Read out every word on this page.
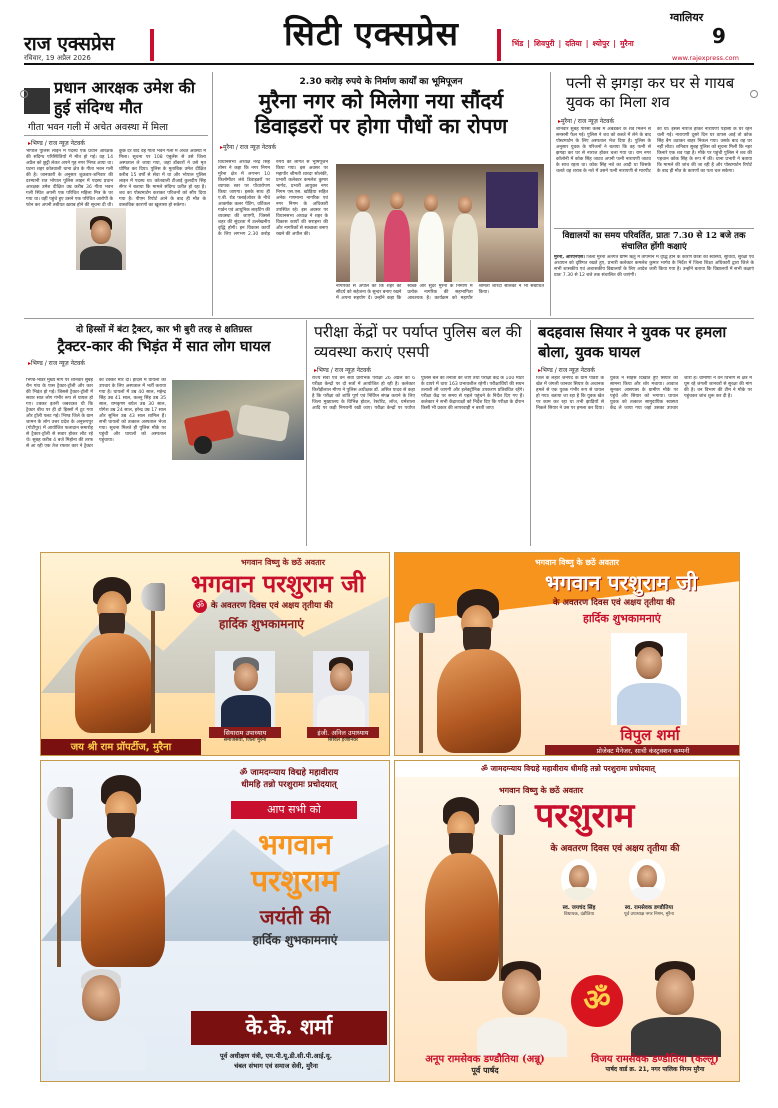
राज एक्सप्रेस
रविवार, 19 अप्रैल 2026
सिटी एक्सप्रेस	ग्वालियर
9
भिंड | शिवपुरी | दतिया | श्योपुर | मुरैना
www.rajexpress.com
प्रधान आरक्षक उमेश की हुई संदिग्ध मौत
गीता भवन गली में अचेत अवस्था में मिला
▸ भिण्ड / राज न्यूज़ नेटवर्क
भोपाल पुलिस लाइन में पदस्थ एक प्रधान आरक्षक की संदिग्ध परिस्थितियों में मौत हो गई। वह 14 अप्रैल को छुट्टी लेकर अपने गृह नगर भिण्ड आया था। घटना शहर कोतवाली थाना क्षेत्र के गीता भवन गली की है। जानकारी के अनुसार शुक्रवार-शनिवार की दरम्यानी रात भोपाल पुलिस लाइन में पदस्थ प्रधान आरक्षक उमेश दीक्षित उम्र करीब 36 गीता भवन गली स्थित अपनी एक परिचित महिला मित्र के घर गया था। वहीं पहुंचे हुए उसने एक परिचित आरोपी के फोन कर अपनी तबीयत खराब होने की सूचना दी थी। कुछ देर बाद वह गीता भवन गली में अचेत अवस्था में मिला। सूचना पर 108 एंबुलेंस से उसे जिला अस्पताल ले जाया गया, जहां डॉक्टरों ने उसे मृत घोषित कर दिया। पुलिस के मुताबिक उमेश दीक्षित करीब 15 वर्षों से सेवा में था और भोपाल पुलिस लाइन में पदस्थ था। कोतवाली टीआई कुलदीप सिंह सेंगर ने बताया कि मामले संदिग्ध प्रतीत हो रहा है। शव का पोस्टमार्टम कराकर परिजनों को सौंप दिया गया है। पीएम रिपोर्ट आने के बाद ही मौत के वास्तविक कारणों का खुलासा हो सकेगा।
2.30 करोड़ रुपये के निर्माण कार्यों का भूमिपूजन
मुरैना नगर को मिलेगा नया सौंदर्य
डिवाइडरों पर होगा पौधों का रोपण
▸ मुरैना / राज न्यूज़ नेटवर्क
विधानसभा अध्यक्ष नरेंद्र सिंह तोमर ने कहा कि नगर निगम मुरैना क्षेत्र में लगभग 10 किलोमीटर लंबे डिवाइडरों पर व्यापक स्तर पर पौधारोपण किया जाएगा। इसके साथ ही ए.बी. रोड फ्लाईओवर के नीचे आकर्षक कलर पेंटिंग, वर्टिकल गार्डन एवं आधुनिक लाइटिंग की व्यवस्था की जाएगी, जिससे शहर की सुंदरता में उल्लेखनीय वृद्धि होगी। इन विकास कार्यों के लिए लगभग 2.30 करोड़ रुपये की लागत से भूमिपूजन किया गया। इस अवसर पर महापौर श्रीमती शारदा सोलंकी, प्रभारी कलेक्टर कमलेश कुमार भार्गव, प्रभारी आयुक्त नगर निगम एस.एस. खोड़िया सहित अनेक गणमान्य नागरिक एवं नगर निगम के अधिकारी उपस्थित रहे। इस अवसर पर विधानसभा अध्यक्ष ने शहर के विकास कार्यों की सराहना की और नागरिकों से स्वच्छता बनाए रखने की अपील की।
नागरिकों से अपील की कि शहर को सौंदर्य को सहेजना के सुन्दर बनाए रखने में अपना सहयोग दें। उन्होंने कहा कि स्वच्छ और सुंदर मुरैना के निर्माण में प्रत्येक नागरिक की सहभागिता आवश्यक है। कार्यक्रम को महापौर श्रीमती शारदा सोलंकी ने भी संबोधित किया।
पत्नी से झगड़ा कर घर से गायब युवक का मिला शव
▸ मुरैना / राज न्यूज़ नेटवर्क
शनिवार सुबह पोरसा कस्बे में अंबेडकर के शव मिलने से सनसनी फैल गई। पुलिस ने शव को कब्जे में लेने के बाद पोस्टमार्टम के लिए अस्पताल भेज दिया है। पुलिस के अनुसार युवक के परिजनों ने बताया कि वह पत्नी से झगड़ा कर घर से नाराज होकर चला गया था। राम नगर कॉलोनी में कोक सिंह जाटव अपनी पत्नी नारायणी जाटव के साथ रहता था। कोक सिंह नशे का आदी था जिसके चलते वह शराब के नशे में उसने पत्नी नारायणी से मारपीट की थी। इससे नाराज होकर नारायणी पड़ोसी के घर रहने चली गई। नारायणी दूसरे दिन घर वापस आई तो कोक सिंह बैग उठाकर बाहर निकल गया। उसके बाद वह घर नहीं लौटा। शनिवार सुबह पुलिस को सूचना मिली कि नहर किनारे एक शव पड़ा है। मौके पर पहुंची पुलिस ने शव की पहचान कोक सिंह के रूप में की। थाना प्रभारी ने बताया कि मामले की जांच की जा रही है और पोस्टमार्टम रिपोर्ट के बाद ही मौत के कारणों का पता चल सकेगा।
विद्यालयों का समय परिवर्तित, प्रातः 7.30 से 12 बजे तक संचालित होंगी कक्षाएं
मुरैना, आरएनएस। जिला मुरैना अंतर्गत ग्रीष्म ऋतु में तापमान में वृद्धि होने के कारण छात्रों की स्वास्थ्य, सुविधा, सुरक्षा एवं अध्ययन को दृष्टिगत रखते हुए, प्रभारी कलेक्टर कमलेश कुमार भार्गव के निर्देश में जिला शिक्षा अधिकारी द्वारा जिले के सभी शासकीय एवं अशासकीय विद्यालयों के लिए आदेश जारी किया गया है। उन्होंने बताया कि विद्यालयों में सभी कक्षाएं प्रातः 7.30 से 12 बजे तक संचालित की जाएंगी।
दो हिस्सों में बंटा ट्रैक्टर, कार भी बुरी तरह से क्षतिग्रस्त
ट्रैक्टर-कार की भिड़ंत में सात लोग घायल
▸ भिण्ड / राज न्यूज़ नेटवर्क
भिण्ड-भांडेर मुख्य मार्ग पर शनिवार सुबह रौन गांव के पास ट्रैक्टर-ट्रॉली और कार की भिड़ंत हो गई। जिससे ट्रैक्टर-ट्रॉली में सवार सात लोग गंभीर रूप से घायल हो गए। टक्कर इतनी जबरदस्त थी कि ट्रैक्टर बीच पर ही दो हिस्सों में टूट गया और ट्रॉली पलट गई। भिण्ड जिले के ग्राम जामन के लोग उत्तर प्रदेश के अनुरूपपुर (गोटीपुर) में आयोजित फलादान समारोह से ट्रैक्टर-ट्रॉली से सवार होकर लौट रहे थे। सुबह करीब 4 बजे मिहोना की तरफ से आ रही एक तेज रफ्तार कार ने ट्रैक्टर को टक्कर मार दी। हादसे में घायलों को उपचार के लिए अस्पताल में भर्ती कराया गया है। घायलों में उम्र 40 साल, महेन्द्र सिंह उम्र 41 साल, कल्लू सिंह उम्र 35 साल, रामकृष्ण बघेल उम्र 30 साल, योगेश उम्र 24 साल, हरेन्द्र उम्र 17 साल और सुनिल उम्र 43 साल शामिल हैं। सभी घायलों को तत्काल अस्पताल भेजा गया। सूचना मिलते ही पुलिस मौके पर पहुंची और घायलों को अस्पताल पहुंचाया।
परीक्षा केंद्रों पर पर्याप्त पुलिस बल की व्यवस्था कराएं एसपी
▸ भिण्ड / राज न्यूज़ नेटवर्क
राज्य सेवा एवं वन सेवा प्रारंभिक परीक्षा 26 अप्रैल को 6 परीक्षा केन्द्रों पर दो सत्रों में आयोजित हो रही है। कलेक्टर किरोड़ीलाल मीणा ने पुलिस अधीक्षक डॉ. असित यादव से कहा है कि परीक्षा को शांति पूर्ण एवं निर्विघ्न संपन्न कराने के लिए जिला मुख्यालय के विभिन्न होटल, रेस्टोरेंट, लॉज, धर्मशाला आदि पर कड़ी निगरानी रखी जाए। परीक्षा केन्द्रों पर पर्याप्त पुलिस बल की तैनाती की जाए तथा परीक्षा केंद्र के 100 मीटर के दायरे में धारा 163 प्रभावशील रहेगी। परीक्षार्थियों की सघन तलाशी ली जाएगी और इलेक्ट्रॉनिक उपकरण प्रतिबंधित रहेंगे। परीक्षा केंद्र पर समय से पहले पहुंचने के निर्देश दिए गए हैं। कलेक्टर ने सभी केंद्राध्यक्षों को निर्देश दिए कि परीक्षा के दौरान किसी भी प्रकार की लापरवाही न बरती जाए।
बदहवास सियार ने युवक पर हमला बोला, युवक घायल
▸ भिण्ड / राज न्यूज़ नेटवर्क
जिले के लहार जनपद के ग्राम पांडरी के खेत में जंगली जानवर सियार के अचानक हमले से एक युवक गंभीर रूप से घायल हो गया। बताया जा रहा है कि युवक खेत पर काम कर रहा था तभी झाड़ियों से निकले सियार ने उस पर हमला कर दिया। युवक ने साहस दिखाते हुए सियार का सामना किया और शोर मचाया। आवाज सुनकर आसपास के ग्रामीण मौके पर पहुंचे और सियार को भगाया। घायल युवक को तत्काल सामुदायिक स्वास्थ्य केंद्र ले जाया गया जहां उसका उपचार जारी है। ग्रामीणों ने वन विभाग से क्षेत्र में घूम रहे जंगली जानवरों से सुरक्षा की मांग की है। वन विभाग की टीम ने मौके पर पहुंचकर जांच शुरू कर दी है।
भगवान विष्णु के छठें अवतार
भगवान परशुराम जी
ॐ के अवतरण दिवस एवं अक्षय तृतीया की
हार्दिक शुभकामनाएं
सियाराम उपाध्याय
समाजसेवी, जिला मुरैना
इंजी. अनिल उपाध्याय
सिविल इंजीनियर
जय श्री राम प्रॉपर्टीज, मुरैना
भगवान विष्णु के छठें अवतार
भगवान परशुराम जी
के अवतरण दिवस एवं अक्षय तृतीया की
हार्दिक शुभकामनाएं
विपुल शर्मा
प्रोजेक्ट मैनेजर, साची कंस्ट्रक्शन कम्पनी
ॐ जामदग्न्याय विद्महे महावीराय
धीमहि तन्नो परशुरामः प्रचोदयात्
आप सभी को
भगवान
परशुराम
जयंती की
हार्दिक शुभकामनाएं
के.के. शर्मा
पूर्व अधीक्षण यंत्री, एम.पी.यू.डी.सी.पी.आई.यू.
चंबल संभाग एवं समाज सेवी, मुरैना
ॐ जामदग्न्याय विद्महे महावीराय धीमहि तन्नो परशुरामः प्रचोदयात्
भगवान विष्णु के छठें अवतार
परशुराम
के अवतरण दिवस एवं अक्षय तृतीया की
स्व. जयचंद सिंह
विधायक, दंडौतिया
स्व. रामसेवक डण्डौतिया
पूर्व उपाध्यक्ष नगर निगम, मुरैना
ॐ
अनूप रामसेवक डण्डौतिया (अन्नू)
पूर्व पार्षद
विजय रामसेवक डण्डौतिया (कल्लू)
पार्षद वार्ड क्र. 21, नगर पालिक निगम मुरैना
